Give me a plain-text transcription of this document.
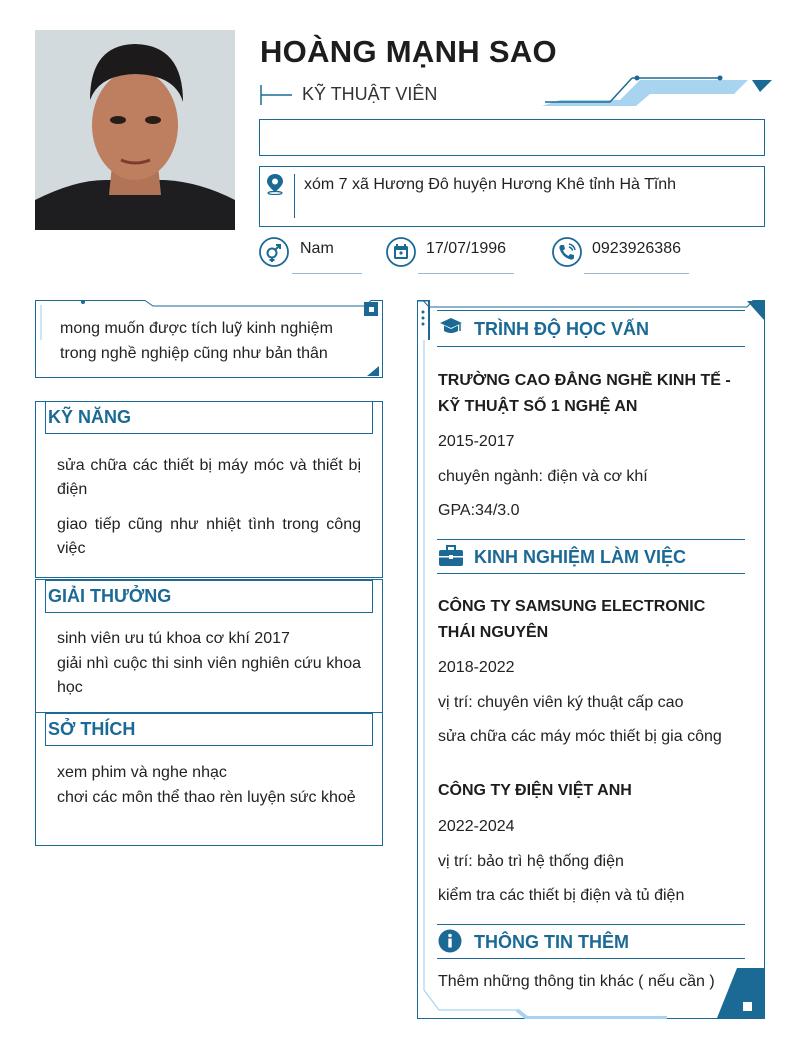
HOÀNG MẠNH SAO
KỸ THUẬT VIÊN
xóm 7 xã Hương Đô huyện Hương Khê tỉnh Hà Tĩnh
Nam	17/07/1996	0923926386
mong muốn được tích luỹ kinh nghiệm trong nghề nghiệp cũng như bản thân
KỸ NĂNG
sửa chữa các thiết bị máy móc và thiết bị điện
giao tiếp cũng như nhiệt tình trong công việc
GIẢI THƯỞNG
sinh viên ưu tú khoa cơ khí 2017
giải nhì cuộc thi sinh viên nghiên cứu khoa học
SỞ THÍCH
xem phim và nghe nhạc
chơi các môn thể thao rèn luyện sức khoẻ
TRÌNH ĐỘ HỌC VẤN
TRƯỜNG CAO ĐẲNG NGHỀ KINH TẾ - KỸ THUẬT SỐ 1 NGHỆ AN
2015-2017
chuyên ngành: điện và cơ khí
GPA:34/3.0
KINH NGHIỆM LÀM VIỆC
CÔNG TY SAMSUNG ELECTRONIC THÁI NGUYÊN
2018-2022
vị trí: chuyên viên ký thuật cấp cao
sửa chữa các máy móc thiết bị gia công
CÔNG TY ĐIỆN VIỆT ANH
2022-2024
vị trí: bảo trì hệ thống điện
kiểm tra các thiết bị điện và tủ điện
THÔNG TIN THÊM
Thêm những thông tin khác ( nếu cần )
